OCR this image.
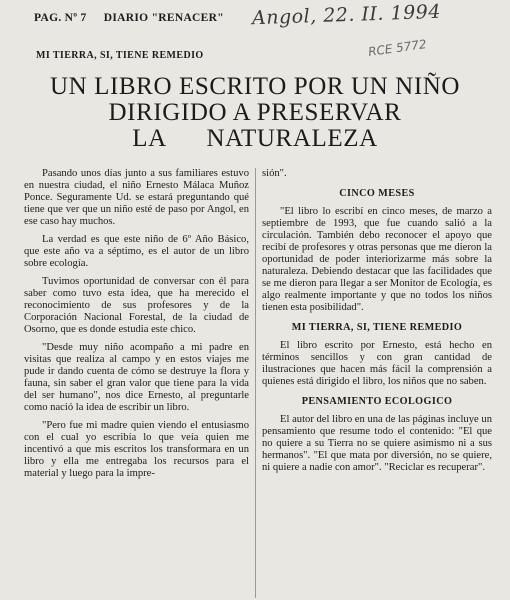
PAG. Nº 7 DIARIO "RENACER"	Angol, 22. II. 1994
RCE 5772
MI TIERRA, SI, TIENE REMEDIO
UN LIBRO ESCRITO POR UN NIÑO
DIRIGIDO A PRESERVAR
LA      NATURALEZA

Pasando unos días junto a sus familiares estuvo en nuestra ciudad, el niño Ernesto Málaca Muñoz Ponce. Seguramente Ud. se estará preguntando qué tiene que ver que un niño esté de paso por Angol, en ese caso hay muchos.

La verdad es que este niño de 6º Año Básico, que este año va a séptimo, es el autor de un libro sobre ecología.

Tuvimos oportunidad de conversar con él para saber como tuvo esta idea, que ha merecido el reconocimiento de sus profesores y de la Corporación Nacional Forestal, de la ciudad de Osorno, que es donde estudia este chico.

"Desde muy niño acompaño a mi padre en visitas que realiza al campo y en estos viajes me pude ir dando cuenta de cómo se destruye la flora y fauna, sin saber el gran valor que tiene para la vida del ser humano", nos dice Ernesto, al preguntarle como nació la idea de escribir un libro.

"Pero fue mi madre quien viendo el entusiasmo con el cual yo escribía lo que veía quien me incentivó a que mis escritos los transformara en un libro y ella me entregaba los recursos para el material y luego para la impre-

sión".

CINCO MESES

"El libro lo escribí en cinco meses, de marzo a septiembre de 1993, que fue cuando salió a la circulación. También debo reconocer el apoyo que recibí de profesores y otras personas que me dieron la oportunidad de poder interiorizarme más sobre la naturaleza. Debiendo destacar que las facilidades que se me dieron para llegar a ser Monitor de Ecología, es algo realmente importante y que no todos los niños tienen esta posibilidad".

MI TIERRA, SI, TIENE REMEDIO

El libro escrito por Ernesto, está hecho en términos sencillos y con gran cantidad de ilustraciones que hacen más fácil la comprensión a quienes está dirigido el libro, los niños que no saben.

PENSAMIENTO ECOLOGICO

El autor del libro en una de las páginas incluye un pensamiento que resume todo el contenido: "El que no quiere a su Tierra no se quiere asimismo ni a sus hermanos". "El que mata por diversión, no se quiere, ni quiere a nadie con amor". "Reciclar es recuperar".
